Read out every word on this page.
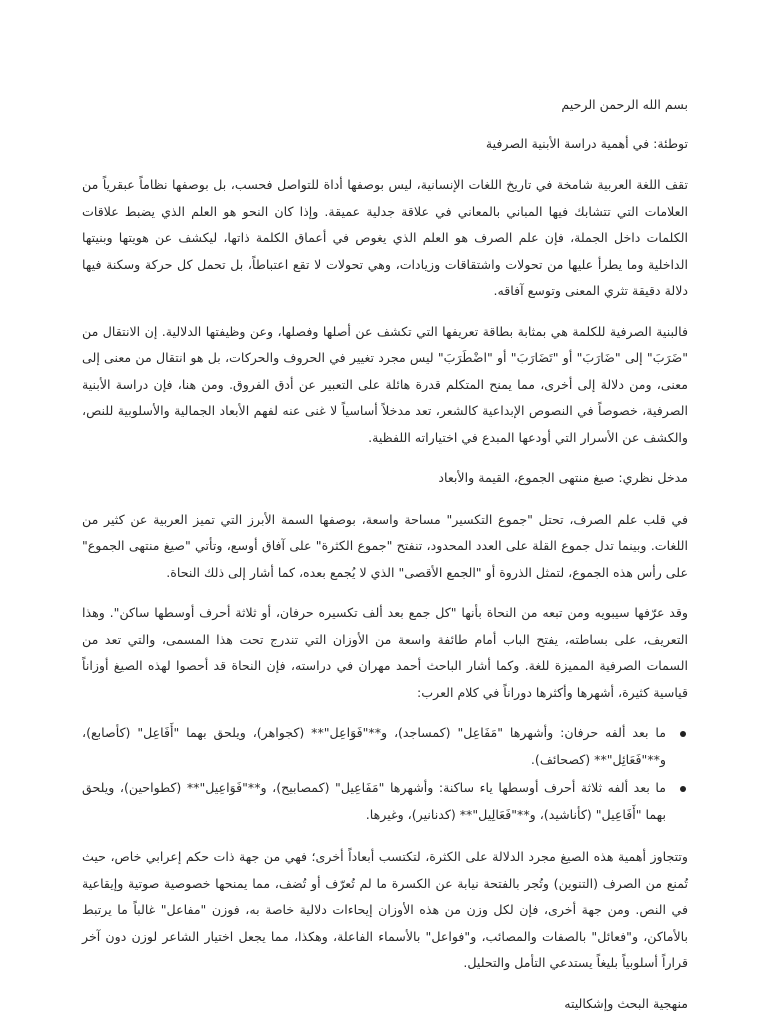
بسم الله الرحمن الرحيم

توطئة: في أهمية دراسة الأبنية الصرفية

تقف اللغة العربية شامخة في تاريخ اللغات الإنسانية، ليس بوصفها أداة للتواصل فحسب، بل بوصفها نظاماً عبقرياً من العلامات التي تتشابك فيها المباني بالمعاني في علاقة جدلية عميقة. وإذا كان النحو هو العلم الذي يضبط علاقات الكلمات داخل الجملة، فإن علم الصرف هو العلم الذي يغوص في أعماق الكلمة ذاتها، ليكشف عن هويتها وبنيتها الداخلية وما يطرأ عليها من تحولات واشتقاقات وزيادات، وهي تحولات لا تقع اعتباطاً، بل تحمل كل حركة وسكنة فيها دلالة دقيقة تثري المعنى وتوسع آفاقه.

فالبنية الصرفية للكلمة هي بمثابة بطاقة تعريفها التي تكشف عن أصلها وفصلها، وعن وظيفتها الدلالية. إن الانتقال من "ضَرَبَ" إلى "ضَارَبَ" أو "تَضَارَبَ" أو "اضْطَرَبَ" ليس مجرد تغيير في الحروف والحركات، بل هو انتقال من معنى إلى معنى، ومن دلالة إلى أخرى، مما يمنح المتكلم قدرة هائلة على التعبير عن أدق الفروق. ومن هنا، فإن دراسة الأبنية الصرفية، خصوصاً في النصوص الإبداعية كالشعر، تعد مدخلاً أساسياً لا غنى عنه لفهم الأبعاد الجمالية والأسلوبية للنص، والكشف عن الأسرار التي أودعها المبدع في اختياراته اللفظية.

مدخل نظري: صيغ منتهى الجموع، القيمة والأبعاد

في قلب علم الصرف، تحتل "جموع التكسير" مساحة واسعة، بوصفها السمة الأبرز التي تميز العربية عن كثير من اللغات. وبينما تدل جموع القلة على العدد المحدود، تنفتح "جموع الكثرة" على آفاق أوسع، وتأتي "صيغ منتهى الجموع" على رأس هذه الجموع، لتمثل الذروة أو "الجمع الأقصى" الذي لا يُجمع بعده، كما أشار إلى ذلك النحاة.

وقد عرّفها سيبويه ومن تبعه من النحاة بأنها "كل جمع بعد ألف تكسيره حرفان، أو ثلاثة أحرف أوسطها ساكن". وهذا التعريف، على بساطته، يفتح الباب أمام طائفة واسعة من الأوزان التي تندرج تحت هذا المسمى، والتي تعد من السمات الصرفية المميزة للغة. وكما أشار الباحث أحمد مهران في دراسته، فإن النحاة قد أحصوا لهذه الصيغ أوزاناً قياسية كثيرة، أشهرها وأكثرها دوراناً في كلام العرب:

ما بعد ألفه حرفان: وأشهرها "مَفَاعِل" (كمساجد)، و**"فَوَاعِل"** (كجواهر)، ويلحق بهما "أَفَاعِل" (كأصابع)، و**"فَعَائِل"** (كصحائف).
ما بعد ألفه ثلاثة أحرف أوسطها ياء ساكنة: وأشهرها "مَفَاعِيل" (كمصابيح)، و**"فَوَاعِيل"** (كطواحين)، ويلحق بهما "أَفَاعِيل" (كأناشيد)، و**"فَعَالِيل"** (كدنانير)، وغيرها.

وتتجاوز أهمية هذه الصيغ مجرد الدلالة على الكثرة، لتكتسب أبعاداً أخرى؛ فهي من جهة ذات حكم إعرابي خاص، حيث تُمنع من الصرف (التنوين) وتُجر بالفتحة نيابة عن الكسرة ما لم تُعرّف أو تُضف، مما يمنحها خصوصية صوتية وإيقاعية في النص. ومن جهة أخرى، فإن لكل وزن من هذه الأوزان إيحاءات دلالية خاصة به، فوزن "مفاعل" غالباً ما يرتبط بالأماكن، و"فعائل" بالصفات والمصائب، و"فواعل" بالأسماء الفاعلة، وهكذا، مما يجعل اختيار الشاعر لوزن دون آخر قراراً أسلوبياً بليغاً يستدعي التأمل والتحليل.

منهجية البحث وإشكاليته
